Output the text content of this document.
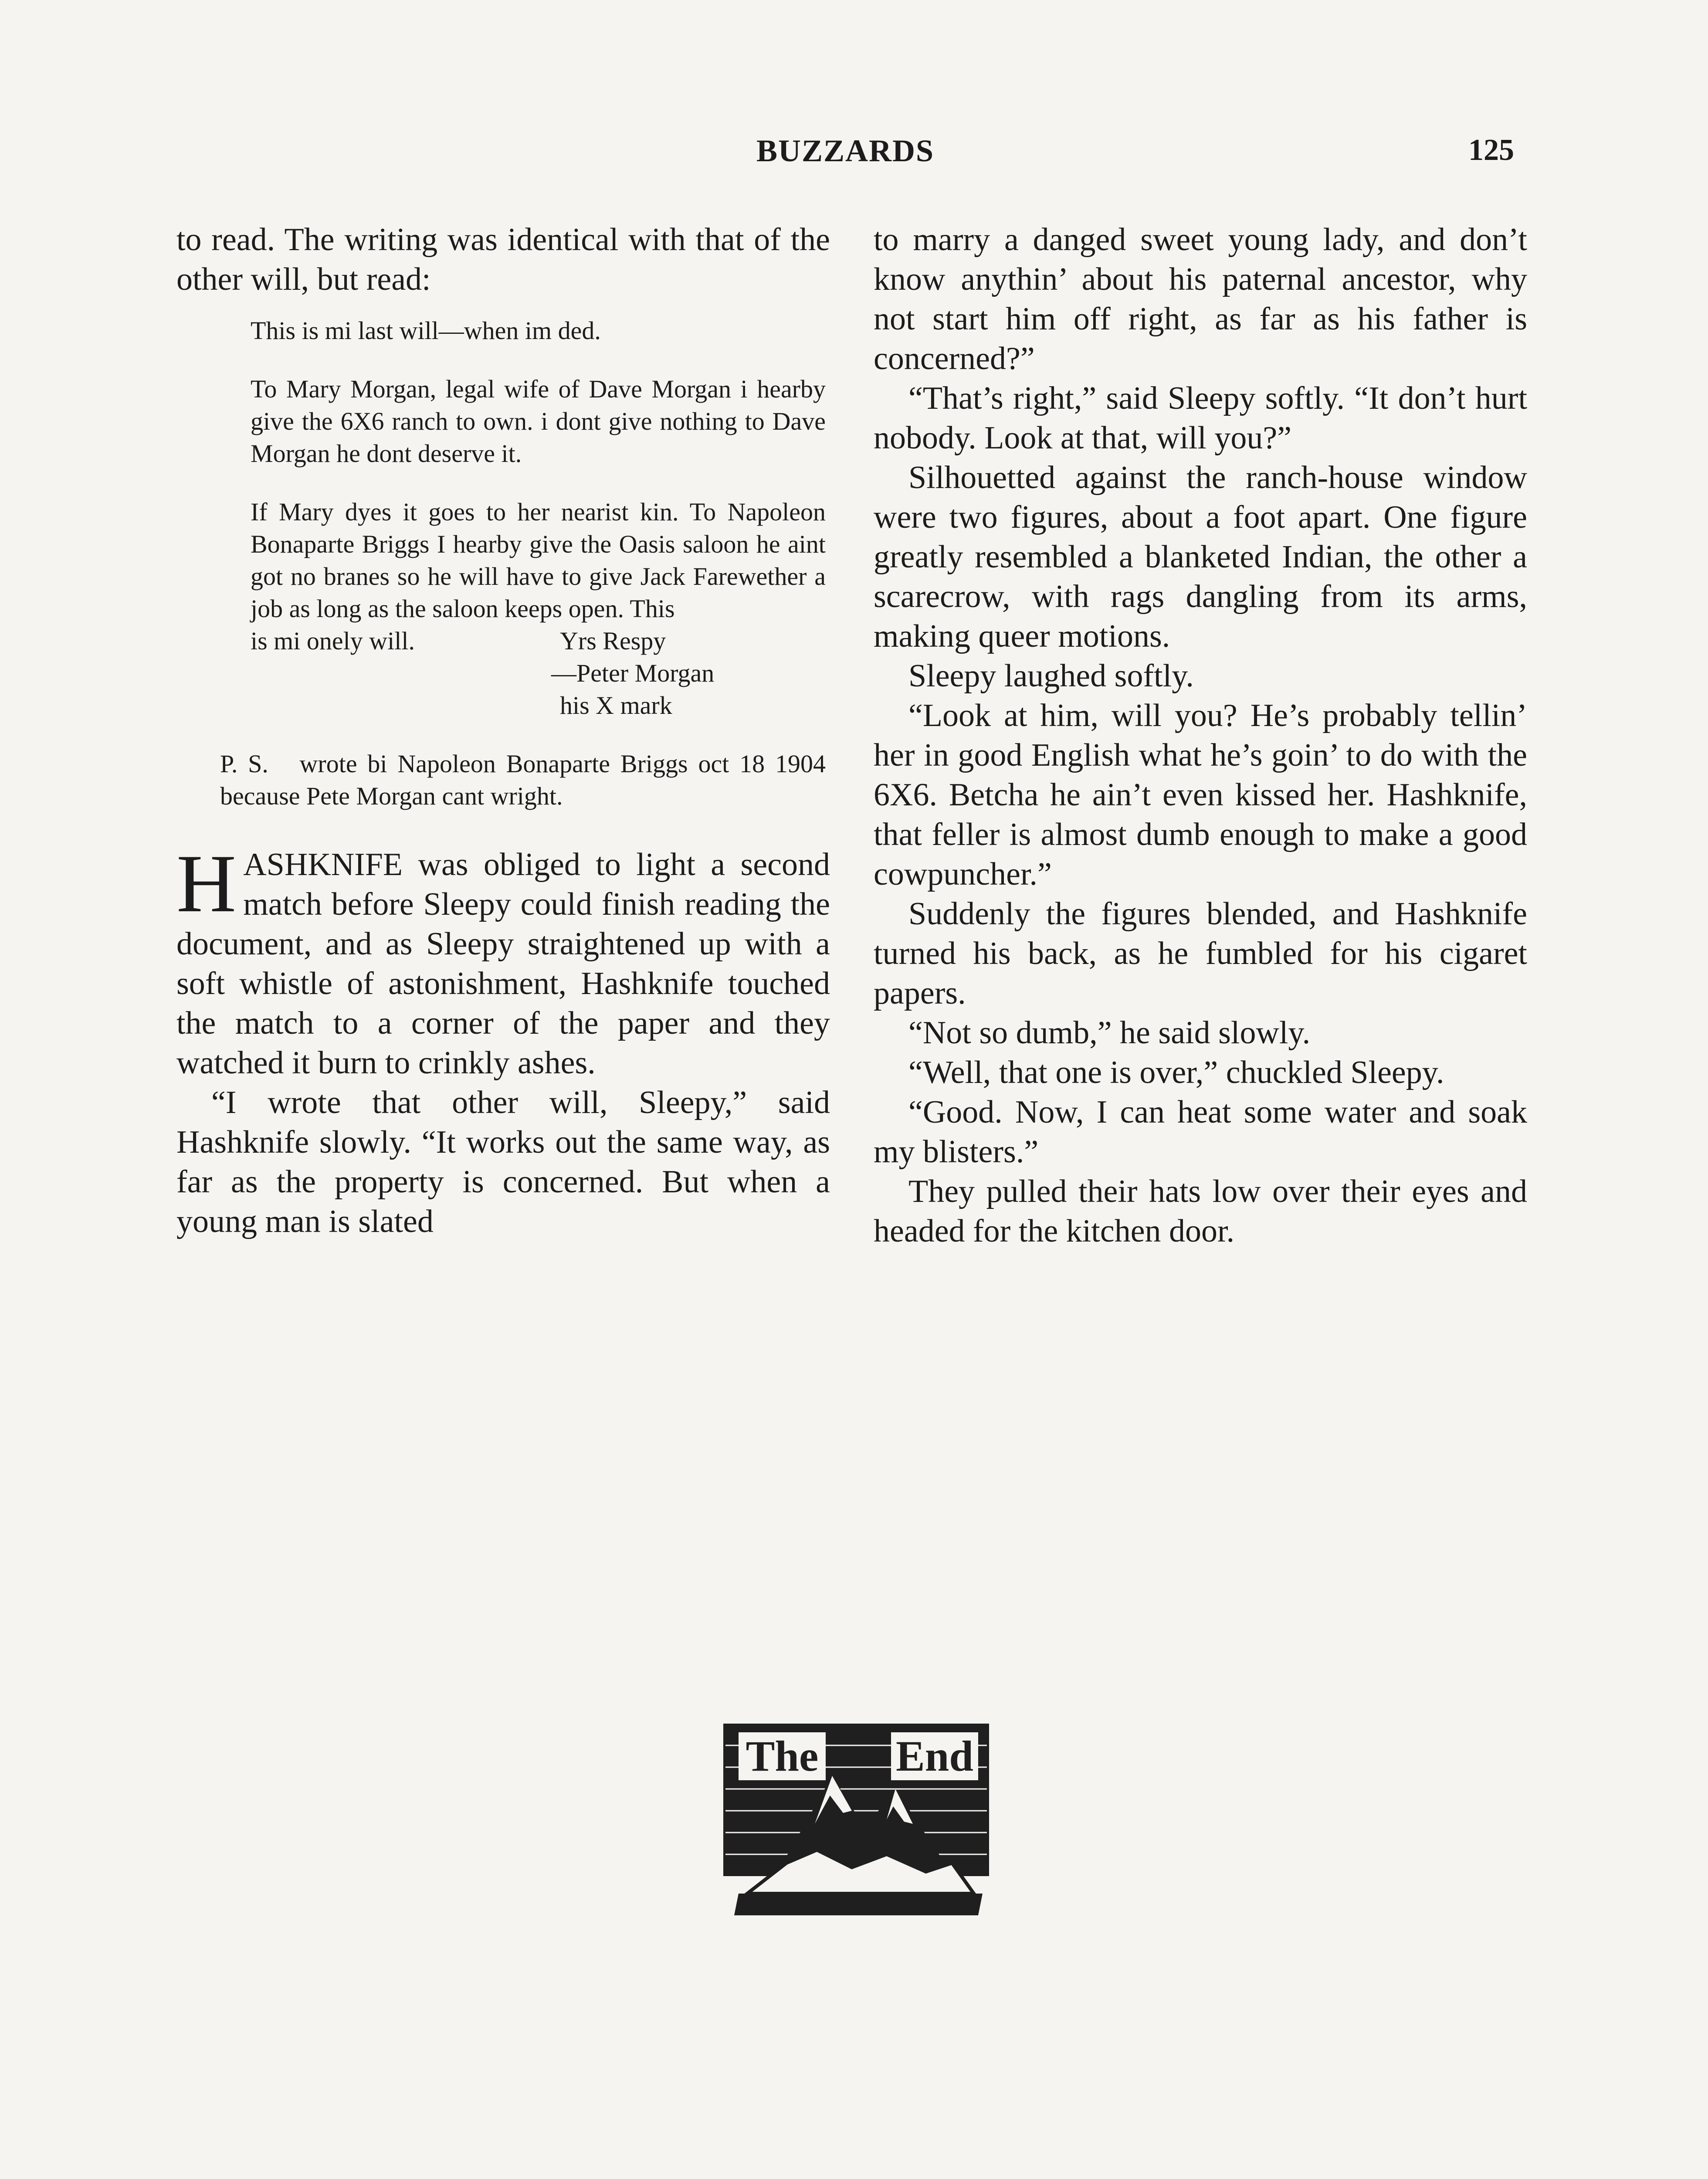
BUZZARDS	125

to read. The writing was identical with that of the other will, but read:

This is mi last will—when im ded.

To Mary Morgan, legal wife of Dave Morgan i hearby give the 6X6 ranch to own. i dont give nothing to Dave Morgan he dont deserve it.

If Mary dyes it goes to her nearist kin. To Napoleon Bonaparte Briggs I hearby give the Oasis saloon he aint got no branes so he will have to give Jack Farewether a job as long as the saloon keeps open. This

is mi onely will.	Yrs Respy
—Peter Morgan
his X mark
P. S. wrote bi Napoleon Bonaparte Briggs oct 18 1904 because Pete Morgan cant wright.

HASHKNIFE was obliged to light a second match before Sleepy could finish reading the document, and as Sleepy straightened up with a soft whistle of astonishment, Hashknife touched the match to a corner of the paper and they watched it burn to crinkly ashes.

“I wrote that other will, Sleepy,” said Hashknife slowly. “It works out the same way, as far as the property is concerned. But when a young man is slated

to marry a danged sweet young lady, and don’t know anythin’ about his paternal ancestor, why not start him off right, as far as his father is concerned?”

“That’s right,” said Sleepy softly. “It don’t hurt nobody. Look at that, will you?”

Silhouetted against the ranch-house window were two figures, about a foot apart. One figure greatly resembled a blanketed Indian, the other a scarecrow, with rags dangling from its arms, making queer motions.

Sleepy laughed softly.

“Look at him, will you? He’s probably tellin’ her in good English what he’s goin’ to do with the 6X6. Betcha he ain’t even kissed her. Hashknife, that feller is almost dumb enough to make a good cowpuncher.”

Suddenly the figures blended, and Hashknife turned his back, as he fumbled for his cigaret papers.

“Not so dumb,” he said slowly.

“Well, that one is over,” chuckled Sleepy.

“Good. Now, I can heat some water and soak my blisters.”

They pulled their hats low over their eyes and headed for the kitchen door.

The End
